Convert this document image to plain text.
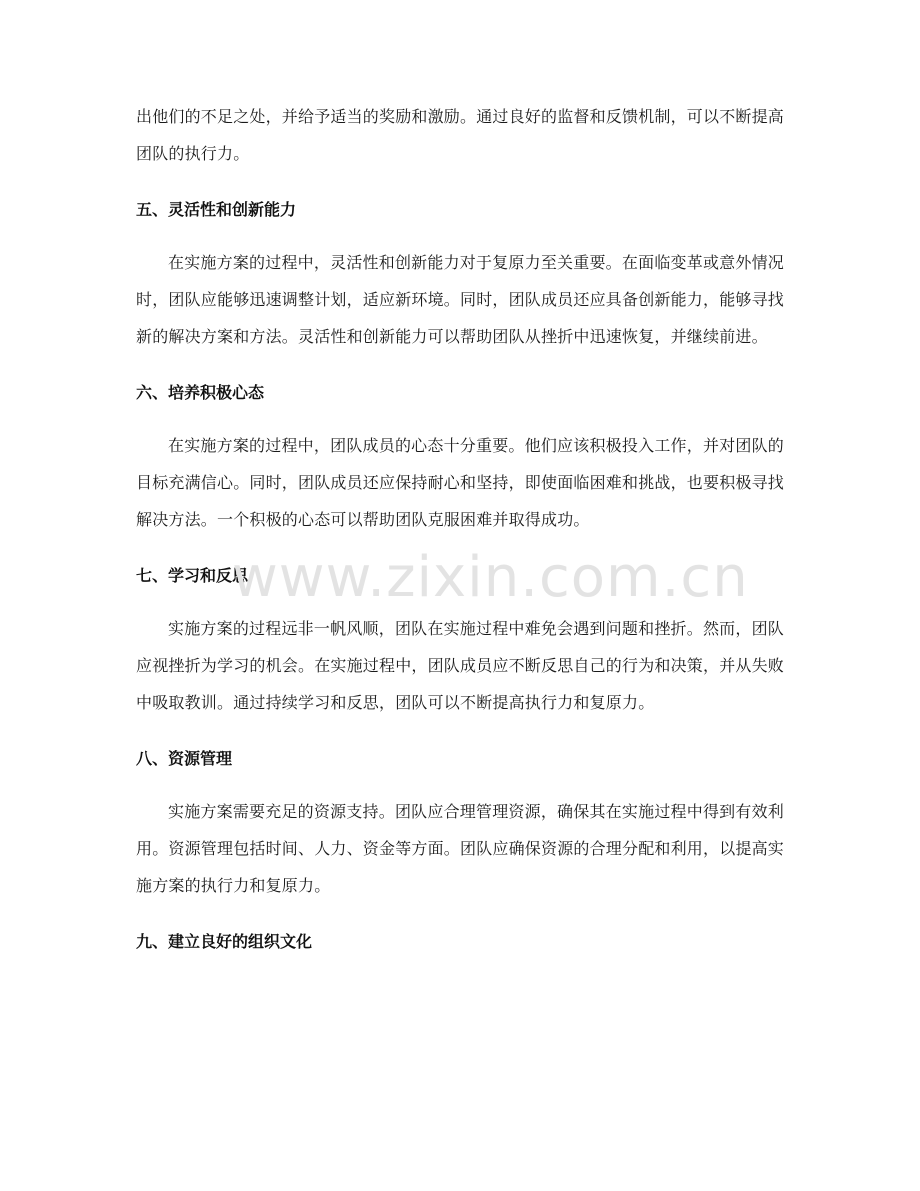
出他们的不足之处，并给予适当的奖励和激励。通过良好的监督和反馈机制，可以不断提高团队的执行力。

五、灵活性和创新能力

在实施方案的过程中，灵活性和创新能力对于复原力至关重要。在面临变革或意外情况时，团队应能够迅速调整计划，适应新环境。同时，团队成员还应具备创新能力，能够寻找新的解决方案和方法。灵活性和创新能力可以帮助团队从挫折中迅速恢复，并继续前进。

六、培养积极心态

在实施方案的过程中，团队成员的心态十分重要。他们应该积极投入工作，并对团队的目标充满信心。同时，团队成员还应保持耐心和坚持，即使面临困难和挑战，也要积极寻找解决方法。一个积极的心态可以帮助团队克服困难并取得成功。

七、学习和反思

实施方案的过程远非一帆风顺，团队在实施过程中难免会遇到问题和挫折。然而，团队应视挫折为学习的机会。在实施过程中，团队成员应不断反思自己的行为和决策，并从失败中吸取教训。通过持续学习和反思，团队可以不断提高执行力和复原力。

八、资源管理

实施方案需要充足的资源支持。团队应合理管理资源，确保其在实施过程中得到有效利用。资源管理包括时间、人力、资金等方面。团队应确保资源的合理分配和利用，以提高实施方案的执行力和复原力。

九、建立良好的组织文化
www.zixin.com.cn
